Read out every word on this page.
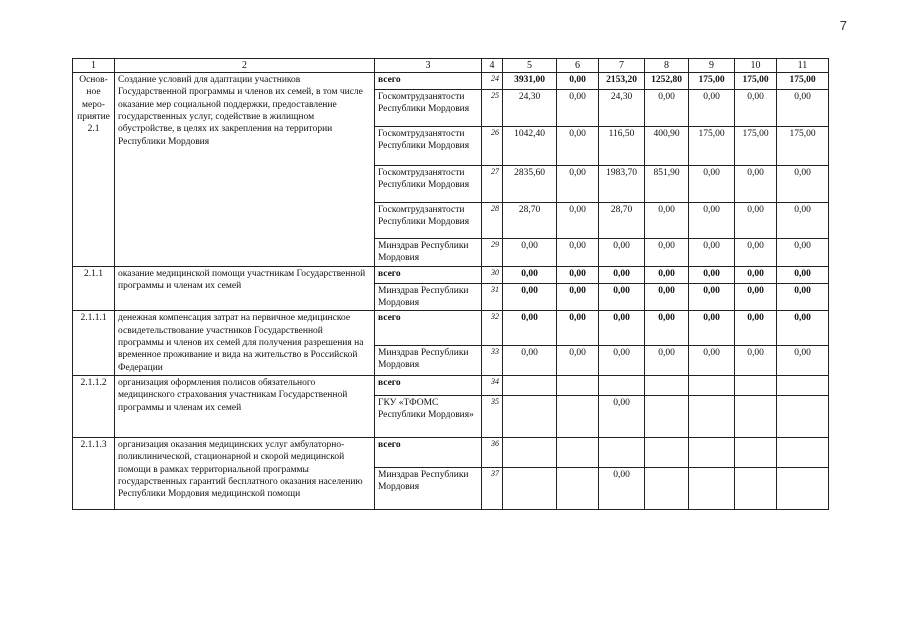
7
1	2	3	4	5	6	7	8	9	10	11
Основ-ное меро-приятие 2.1	Создание условий для адаптации участников Государственной программы и членов их семей, в том числе оказание мер социальной поддержки, предоставление государственных услуг, содействие в жилищном обустройстве, в целях их закрепления на территории Республики Мордовия	всего	24	3931,00	0,00	2153,20	1252,80	175,00	175,00	175,00
		Госкомтрудзанятости Республики Мордовия	25	24,30	0,00	24,30	0,00	0,00	0,00	0,00
		Госкомтрудзанятости Республики Мордовия	26	1042,40	0,00	116,50	400,90	175,00	175,00	175,00
		Госкомтрудзанятости Республики Мордовия	27	2835,60	0,00	1983,70	851,90	0,00	0,00	0,00
		Госкомтрудзанятости Республики Мордовия	28	28,70	0,00	28,70	0,00	0,00	0,00	0,00
		Минздрав Республики Мордовия	29	0,00	0,00	0,00	0,00	0,00	0,00	0,00
2.1.1	оказание медицинской помощи участникам Государственной программы и членам их семей	всего	30	0,00	0,00	0,00	0,00	0,00	0,00	0,00
		Минздрав Республики Мордовия	31	0,00	0,00	0,00	0,00	0,00	0,00	0,00
2.1.1.1	денежная компенсация затрат на первичное медицинское освидетельствование участников Государственной программы и членов их семей для получения разрешения на временное проживание и вида на жительство в Российской Федерации	всего	32	0,00	0,00	0,00	0,00	0,00	0,00	0,00
		Минздрав Республики Мордовия	33	0,00	0,00	0,00	0,00	0,00	0,00	0,00
2.1.1.2	организация оформления полисов обязательного медицинского страхования участникам Государственной программы и членам их семей	всего	34							
		ГКУ «ТФОМС Республики Мордовия»	35			0,00				
2.1.1.3	организация оказания медицинских услуг амбулаторно-поликлинической, стационарной и скорой медицинской помощи в рамках территориальной программы государственных гарантий бесплатного оказания населению Республики Мордовия медицинской помощи	всего	36							
		Минздрав Республики Мордовия	37			0,00				
